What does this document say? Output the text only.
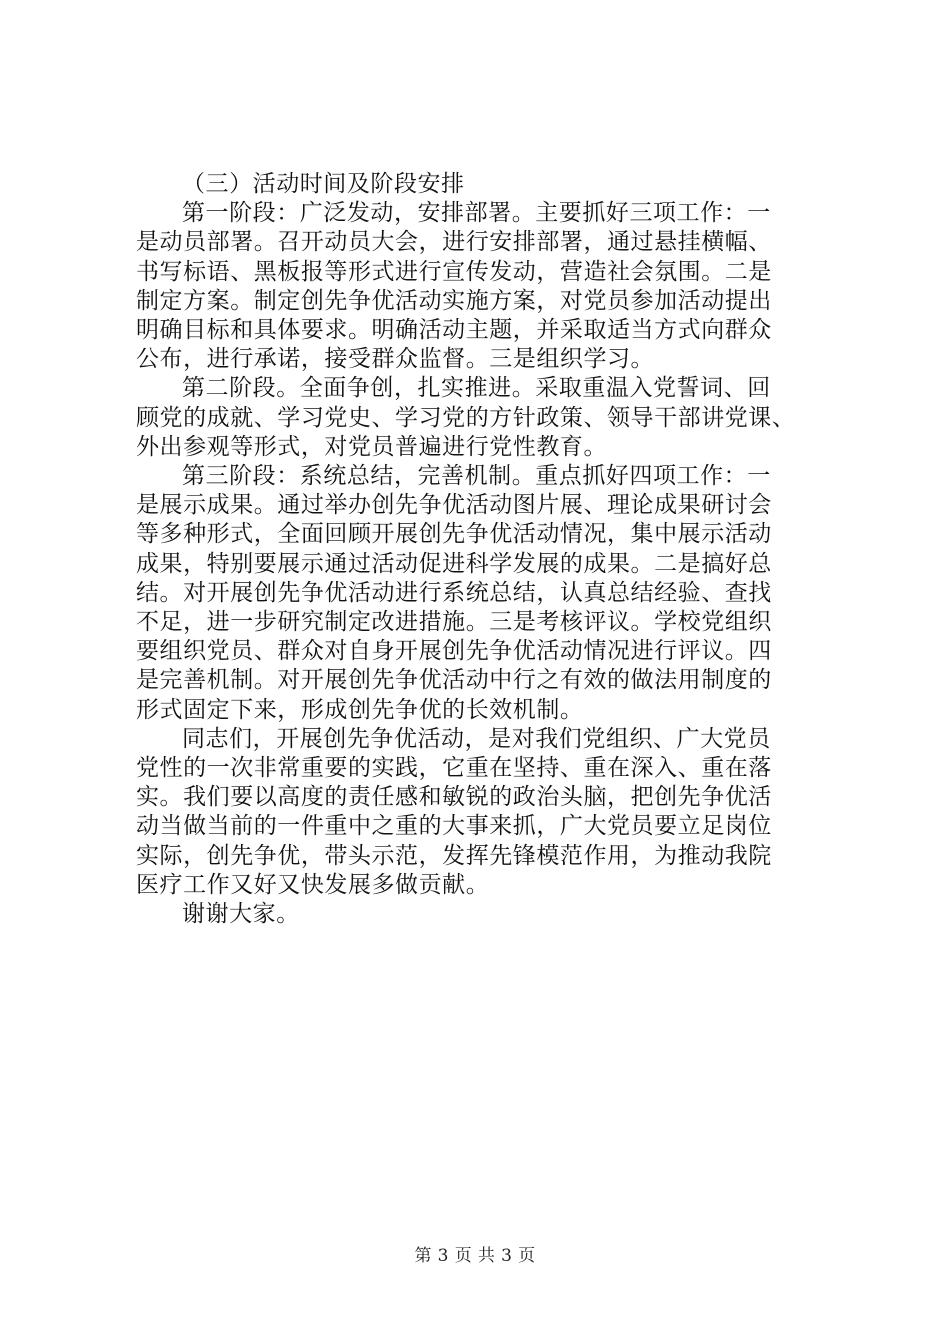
（三）活动时间及阶段安排
第一阶段：广泛发动，安排部署。主要抓好三项工作：一
是动员部署。召开动员大会，进行安排部署，通过悬挂横幅、
书写标语、黑板报等形式进行宣传发动，营造社会氛围。二是
制定方案。制定创先争优活动实施方案，对党员参加活动提出
明确目标和具体要求。明确活动主题，并采取适当方式向群众
公布，进行承诺，接受群众监督。三是组织学习。
第二阶段。全面争创，扎实推进。采取重温入党誓词、回
顾党的成就、学习党史、学习党的方针政策、领导干部讲党课、
外出参观等形式，对党员普遍进行党性教育。
第三阶段：系统总结，完善机制。重点抓好四项工作：一
是展示成果。通过举办创先争优活动图片展、理论成果研讨会
等多种形式，全面回顾开展创先争优活动情况，集中展示活动
成果，特别要展示通过活动促进科学发展的成果。二是搞好总
结。对开展创先争优活动进行系统总结，认真总结经验、查找
不足，进一步研究制定改进措施。三是考核评议。学校党组织
要组织党员、群众对自身开展创先争优活动情况进行评议。四
是完善机制。对开展创先争优活动中行之有效的做法用制度的
形式固定下来，形成创先争优的长效机制。
同志们，开展创先争优活动，是对我们党组织、广大党员
党性的一次非常重要的实践，它重在坚持、重在深入、重在落
实。我们要以高度的责任感和敏锐的政治头脑，把创先争优活
动当做当前的一件重中之重的大事来抓，广大党员要立足岗位
实际，创先争优，带头示范，发挥先锋模范作用，为推动我院
医疗工作又好又快发展多做贡献。
谢谢大家。
第 3 页 共 3 页
